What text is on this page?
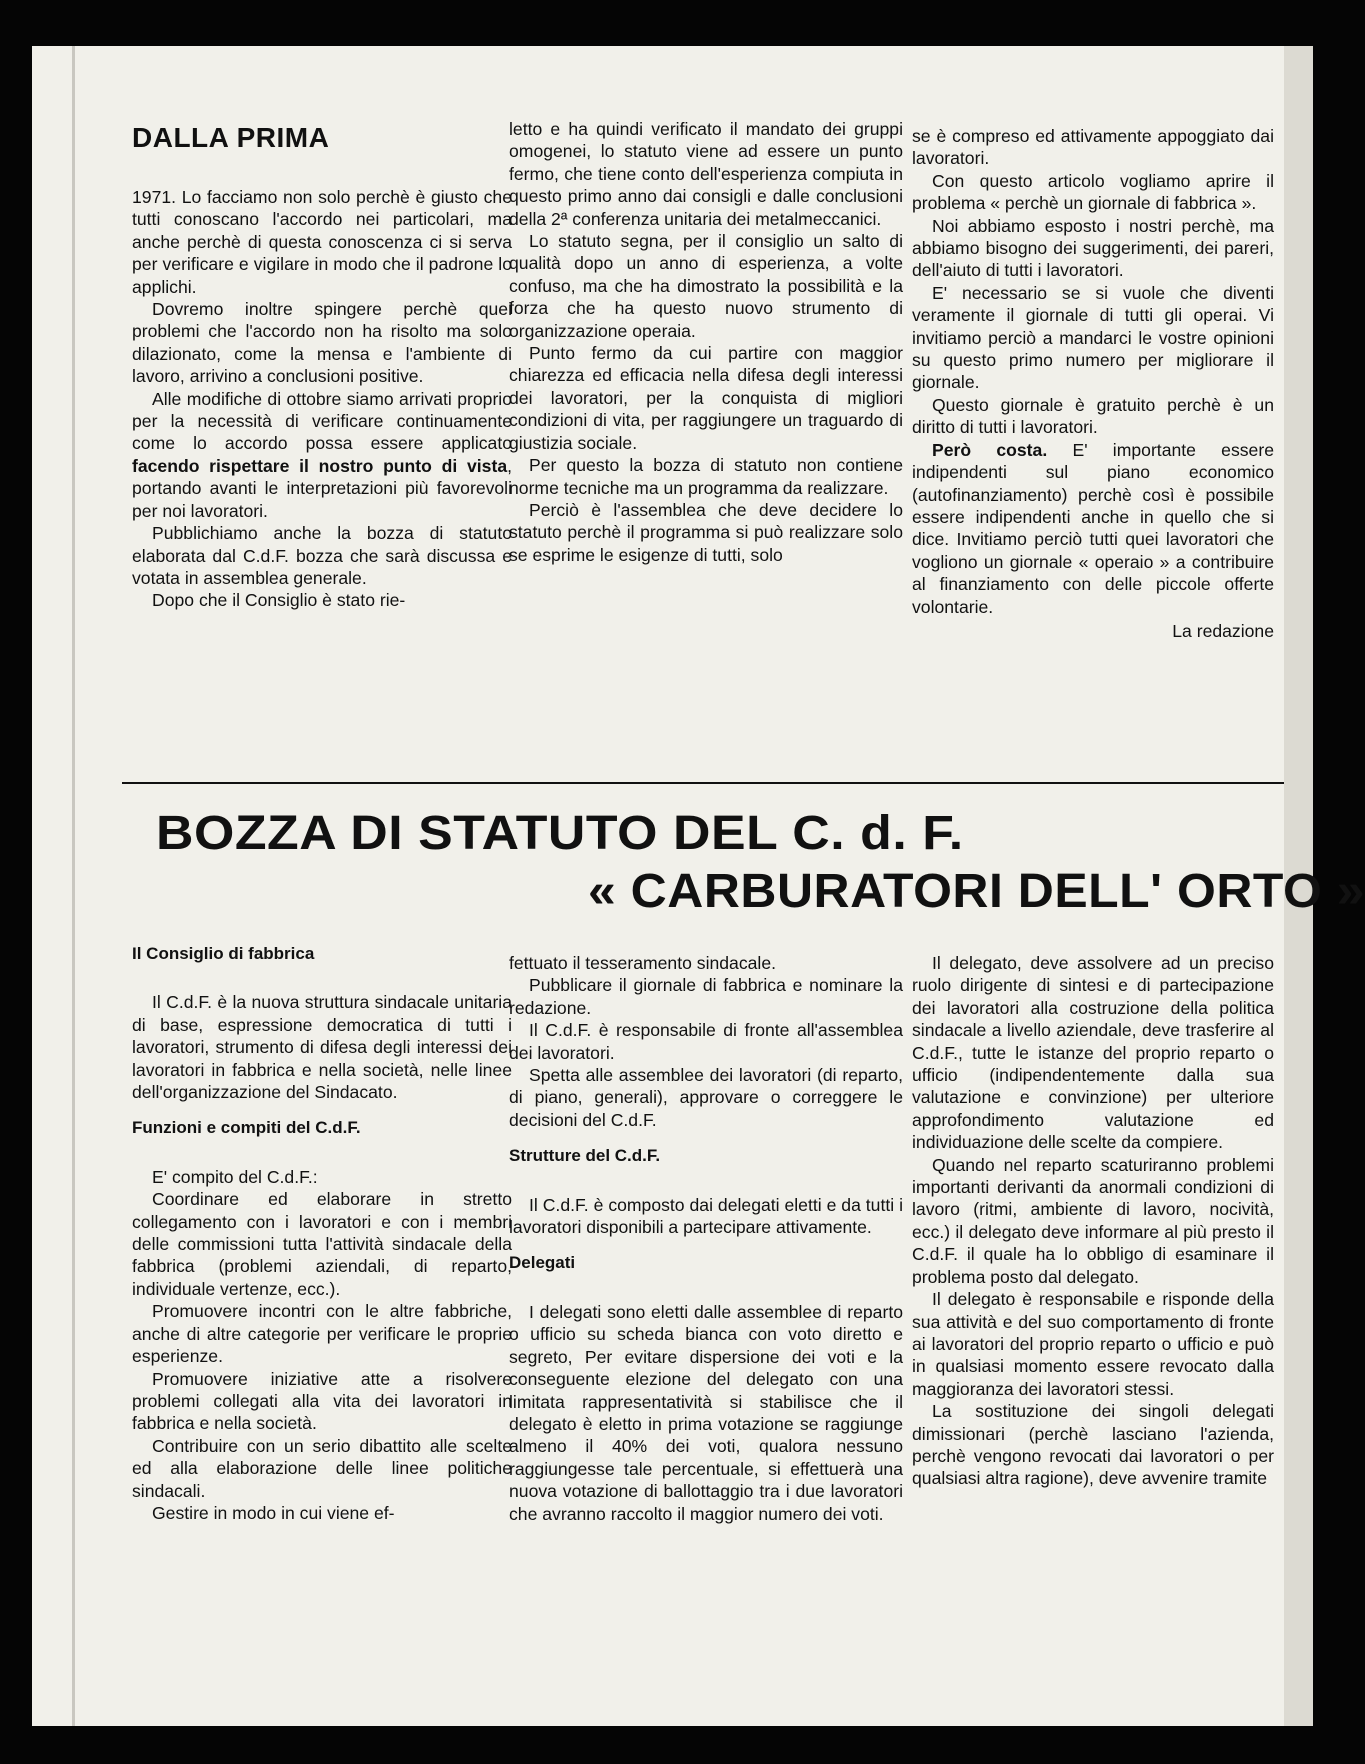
DALLA PRIMA

1971. Lo facciamo non solo perchè è giusto che tutti conoscano l'accordo nei particolari, ma anche perchè di questa conoscenza ci si serva per verificare e vigilare in modo che il padrone lo applichi.

Dovremo inoltre spingere perchè quei problemi che l'accordo non ha risolto ma solo dilazionato, come la mensa e l'ambiente di lavoro, arrivino a conclusioni positive.

Alle modifiche di ottobre siamo arrivati proprio per la necessità di verificare continuamente come lo accordo possa essere applicato facendo rispettare il nostro punto di vista, portando avanti le interpretazioni più favorevoli per noi lavoratori.

Pubblichiamo anche la bozza di statuto elaborata dal C.d.F. bozza che sarà discussa e votata in assemblea generale.

Dopo che il Consiglio è stato rie-

letto e ha quindi verificato il mandato dei gruppi omogenei, lo statuto viene ad essere un punto fermo, che tiene conto dell'esperienza compiuta in questo primo anno dai consigli e dalle conclusioni della 2ª conferenza unitaria dei metalmeccanici.

Lo statuto segna, per il consiglio un salto di qualità dopo un anno di esperienza, a volte confuso, ma che ha dimostrato la possibilità e la forza che ha questo nuovo strumento di organizzazione operaia.

Punto fermo da cui partire con maggior chiarezza ed efficacia nella difesa degli interessi dei lavoratori, per la conquista di migliori condizioni di vita, per raggiungere un traguardo di giustizia sociale.

Per questo la bozza di statuto non contiene norme tecniche ma un programma da realizzare.

Perciò è l'assemblea che deve decidere lo statuto perchè il programma si può realizzare solo se esprime le esigenze di tutti, solo

se è compreso ed attivamente appoggiato dai lavoratori.

Con questo articolo vogliamo aprire il problema « perchè un giornale di fabbrica ».

Noi abbiamo esposto i nostri perchè, ma abbiamo bisogno dei suggerimenti, dei pareri, dell'aiuto di tutti i lavoratori.

E' necessario se si vuole che diventi veramente il giornale di tutti gli operai. Vi invitiamo perciò a mandarci le vostre opinioni su questo primo numero per migliorare il giornale.

Questo giornale è gratuito perchè è un diritto di tutti i lavoratori.

Però costa. E' importante essere indipendenti sul piano economico (autofinanziamento) perchè così è possibile essere indipendenti anche in quello che si dice. Invitiamo perciò tutti quei lavoratori che vogliono un giornale « operaio » a contribuire al finanziamento con delle piccole offerte volontarie.

La redazione

BOZZA DI STATUTO DEL C. d. F.
« CARBURATORI DELL' ORTO »

Il Consiglio di fabbrica

Il C.d.F. è la nuova struttura sindacale unitaria di base, espressione democratica di tutti i lavoratori, strumento di difesa degli interessi dei lavoratori in fabbrica e nella società, nelle linee dell'organizzazione del Sindacato.

Funzioni e compiti del C.d.F.

E' compito del C.d.F.:

Coordinare ed elaborare in stretto collegamento con i lavoratori e con i membri delle commissioni tutta l'attività sindacale della fabbrica (problemi aziendali, di reparto, individuale vertenze, ecc.).

Promuovere incontri con le altre fabbriche, anche di altre categorie per verificare le proprie esperienze.

Promuovere iniziative atte a risolvere problemi collegati alla vita dei lavoratori in fabbrica e nella società.

Contribuire con un serio dibattito alle scelte ed alla elaborazione delle linee politiche sindacali.

Gestire in modo in cui viene ef-

fettuato il tesseramento sindacale.

Pubblicare il giornale di fabbrica e nominare la redazione.

Il C.d.F. è responsabile di fronte all'assemblea dei lavoratori.

Spetta alle assemblee dei lavoratori (di reparto, di piano, generali), approvare o correggere le decisioni del C.d.F.

Strutture del C.d.F.

Il C.d.F. è composto dai delegati eletti e da tutti i lavoratori disponibili a partecipare attivamente.

Delegati

I delegati sono eletti dalle assemblee di reparto o ufficio su scheda bianca con voto diretto e segreto, Per evitare dispersione dei voti e la conseguente elezione del delegato con una limitata rappresentatività si stabilisce che il delegato è eletto in prima votazione se raggiunge almeno il 40% dei voti, qualora nessuno raggiungesse tale percentuale, si effettuerà una nuova votazione di ballottaggio tra i due lavoratori che avranno raccolto il maggior numero dei voti.

Il delegato, deve assolvere ad un preciso ruolo dirigente di sintesi e di partecipazione dei lavoratori alla costruzione della politica sindacale a livello aziendale, deve trasferire al C.d.F., tutte le istanze del proprio reparto o ufficio (indipendentemente dalla sua valutazione e convinzione) per ulteriore approfondimento valutazione ed individuazione delle scelte da compiere.

Quando nel reparto scaturiranno problemi importanti derivanti da anormali condizioni di lavoro (ritmi, ambiente di lavoro, nocività, ecc.) il delegato deve informare al più presto il C.d.F. il quale ha lo obbligo di esaminare il problema posto dal delegato.

Il delegato è responsabile e risponde della sua attività e del suo comportamento di fronte ai lavoratori del proprio reparto o ufficio e può in qualsiasi momento essere revocato dalla maggioranza dei lavoratori stessi.

La sostituzione dei singoli delegati dimissionari (perchè lasciano l'azienda, perchè vengono revocati dai lavoratori o per qualsiasi altra ragione), deve avvenire tramite
